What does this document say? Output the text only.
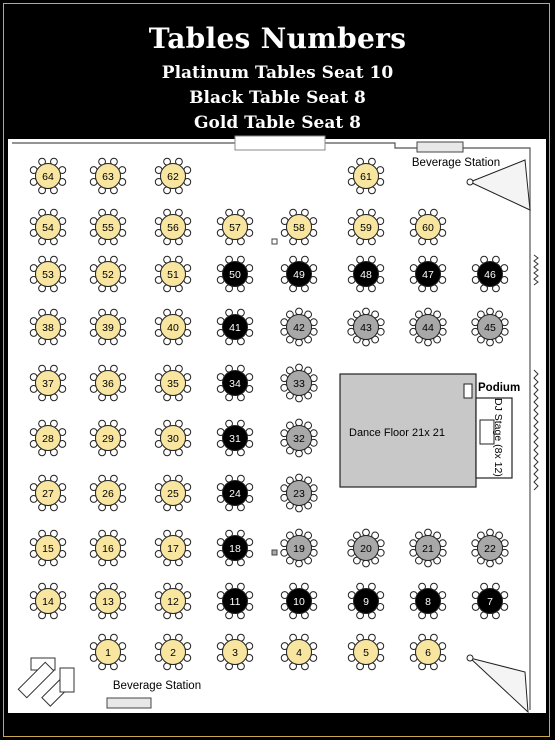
Tables Numbers
Platinum Tables Seat 10
Black Table Seat 8
Gold Table Seat 8
Beverage Station
Dance Floor 21x 21	DJ Stage (8x 12)
Podium
Beverage Station
64	63	62	61
54	55	56	57	58	59	60
53	52	51	50	49	48	47	46
38	39	40	41	42	43	44	45
37	36	35	34	33
28	29	30	31	32
27	26	25	24	23
15	16	17	18	19	20	21	22
14	13	12	11	10	9	8	7
1	2	3	4	5	6
